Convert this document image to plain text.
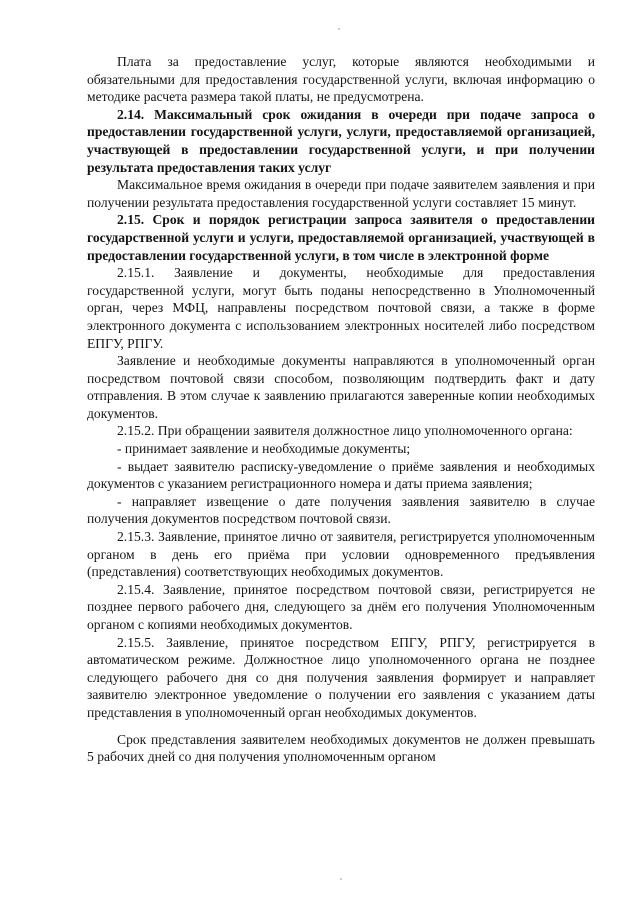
Плата за предоставление услуг, которые являются необходимыми и обязательными для предоставления государственной услуги, включая информацию о методике расчета размера такой платы, не предусмотрена.

2.14. Максимальный срок ожидания в очереди при подаче запроса о предоставлении государственной услуги, услуги, предоставляемой организацией, участвующей в предоставлении государственной услуги, и при получении результата предоставления таких услуг

Максимальное время ожидания в очереди при подаче заявителем заявления и при получении результата предоставления государственной услуги составляет 15 минут.

2.15. Срок и порядок регистрации запроса заявителя о предоставлении государственной услуги и услуги, предоставляемой организацией, участвующей в предоставлении государственной услуги, в том числе в электронной форме

2.15.1. Заявление и документы, необходимые для предоставления государственной услуги, могут быть поданы непосредственно в Уполномоченный орган, через МФЦ, направлены посредством почтовой связи, а также в форме электронного документа с использованием электронных носителей либо посредством ЕПГУ, РПГУ.

Заявление и необходимые документы направляются в уполномоченный орган посредством почтовой связи способом, позволяющим подтвердить факт и дату отправления. В этом случае к заявлению прилагаются заверенные копии необходимых документов.

2.15.2. При обращении заявителя должностное лицо уполномоченного органа:

- принимает заявление и необходимые документы;

- выдает заявителю расписку-уведомление о приёме заявления и необходимых документов с указанием регистрационного номера и даты приема заявления;

- направляет извещение о дате получения заявления заявителю в случае получения документов посредством почтовой связи.

2.15.3. Заявление, принятое лично от заявителя, регистрируется уполномоченным органом в день его приёма при условии одновременного предъявления (представления) соответствующих необходимых документов.

2.15.4. Заявление, принятое посредством почтовой связи, регистрируется не позднее первого рабочего дня, следующего за днём его получения Уполномоченным органом с копиями необходимых документов.

2.15.5. Заявление, принятое посредством ЕПГУ, РПГУ, регистрируется в автоматическом режиме. Должностное лицо уполномоченного органа не позднее следующего рабочего дня со дня получения заявления формирует и направляет заявителю электронное уведомление о получении его заявления с указанием даты представления в уполномоченный орган необходимых документов.

Срок представления заявителем необходимых документов не должен превышать 5 рабочих дней со дня получения уполномоченным органом
